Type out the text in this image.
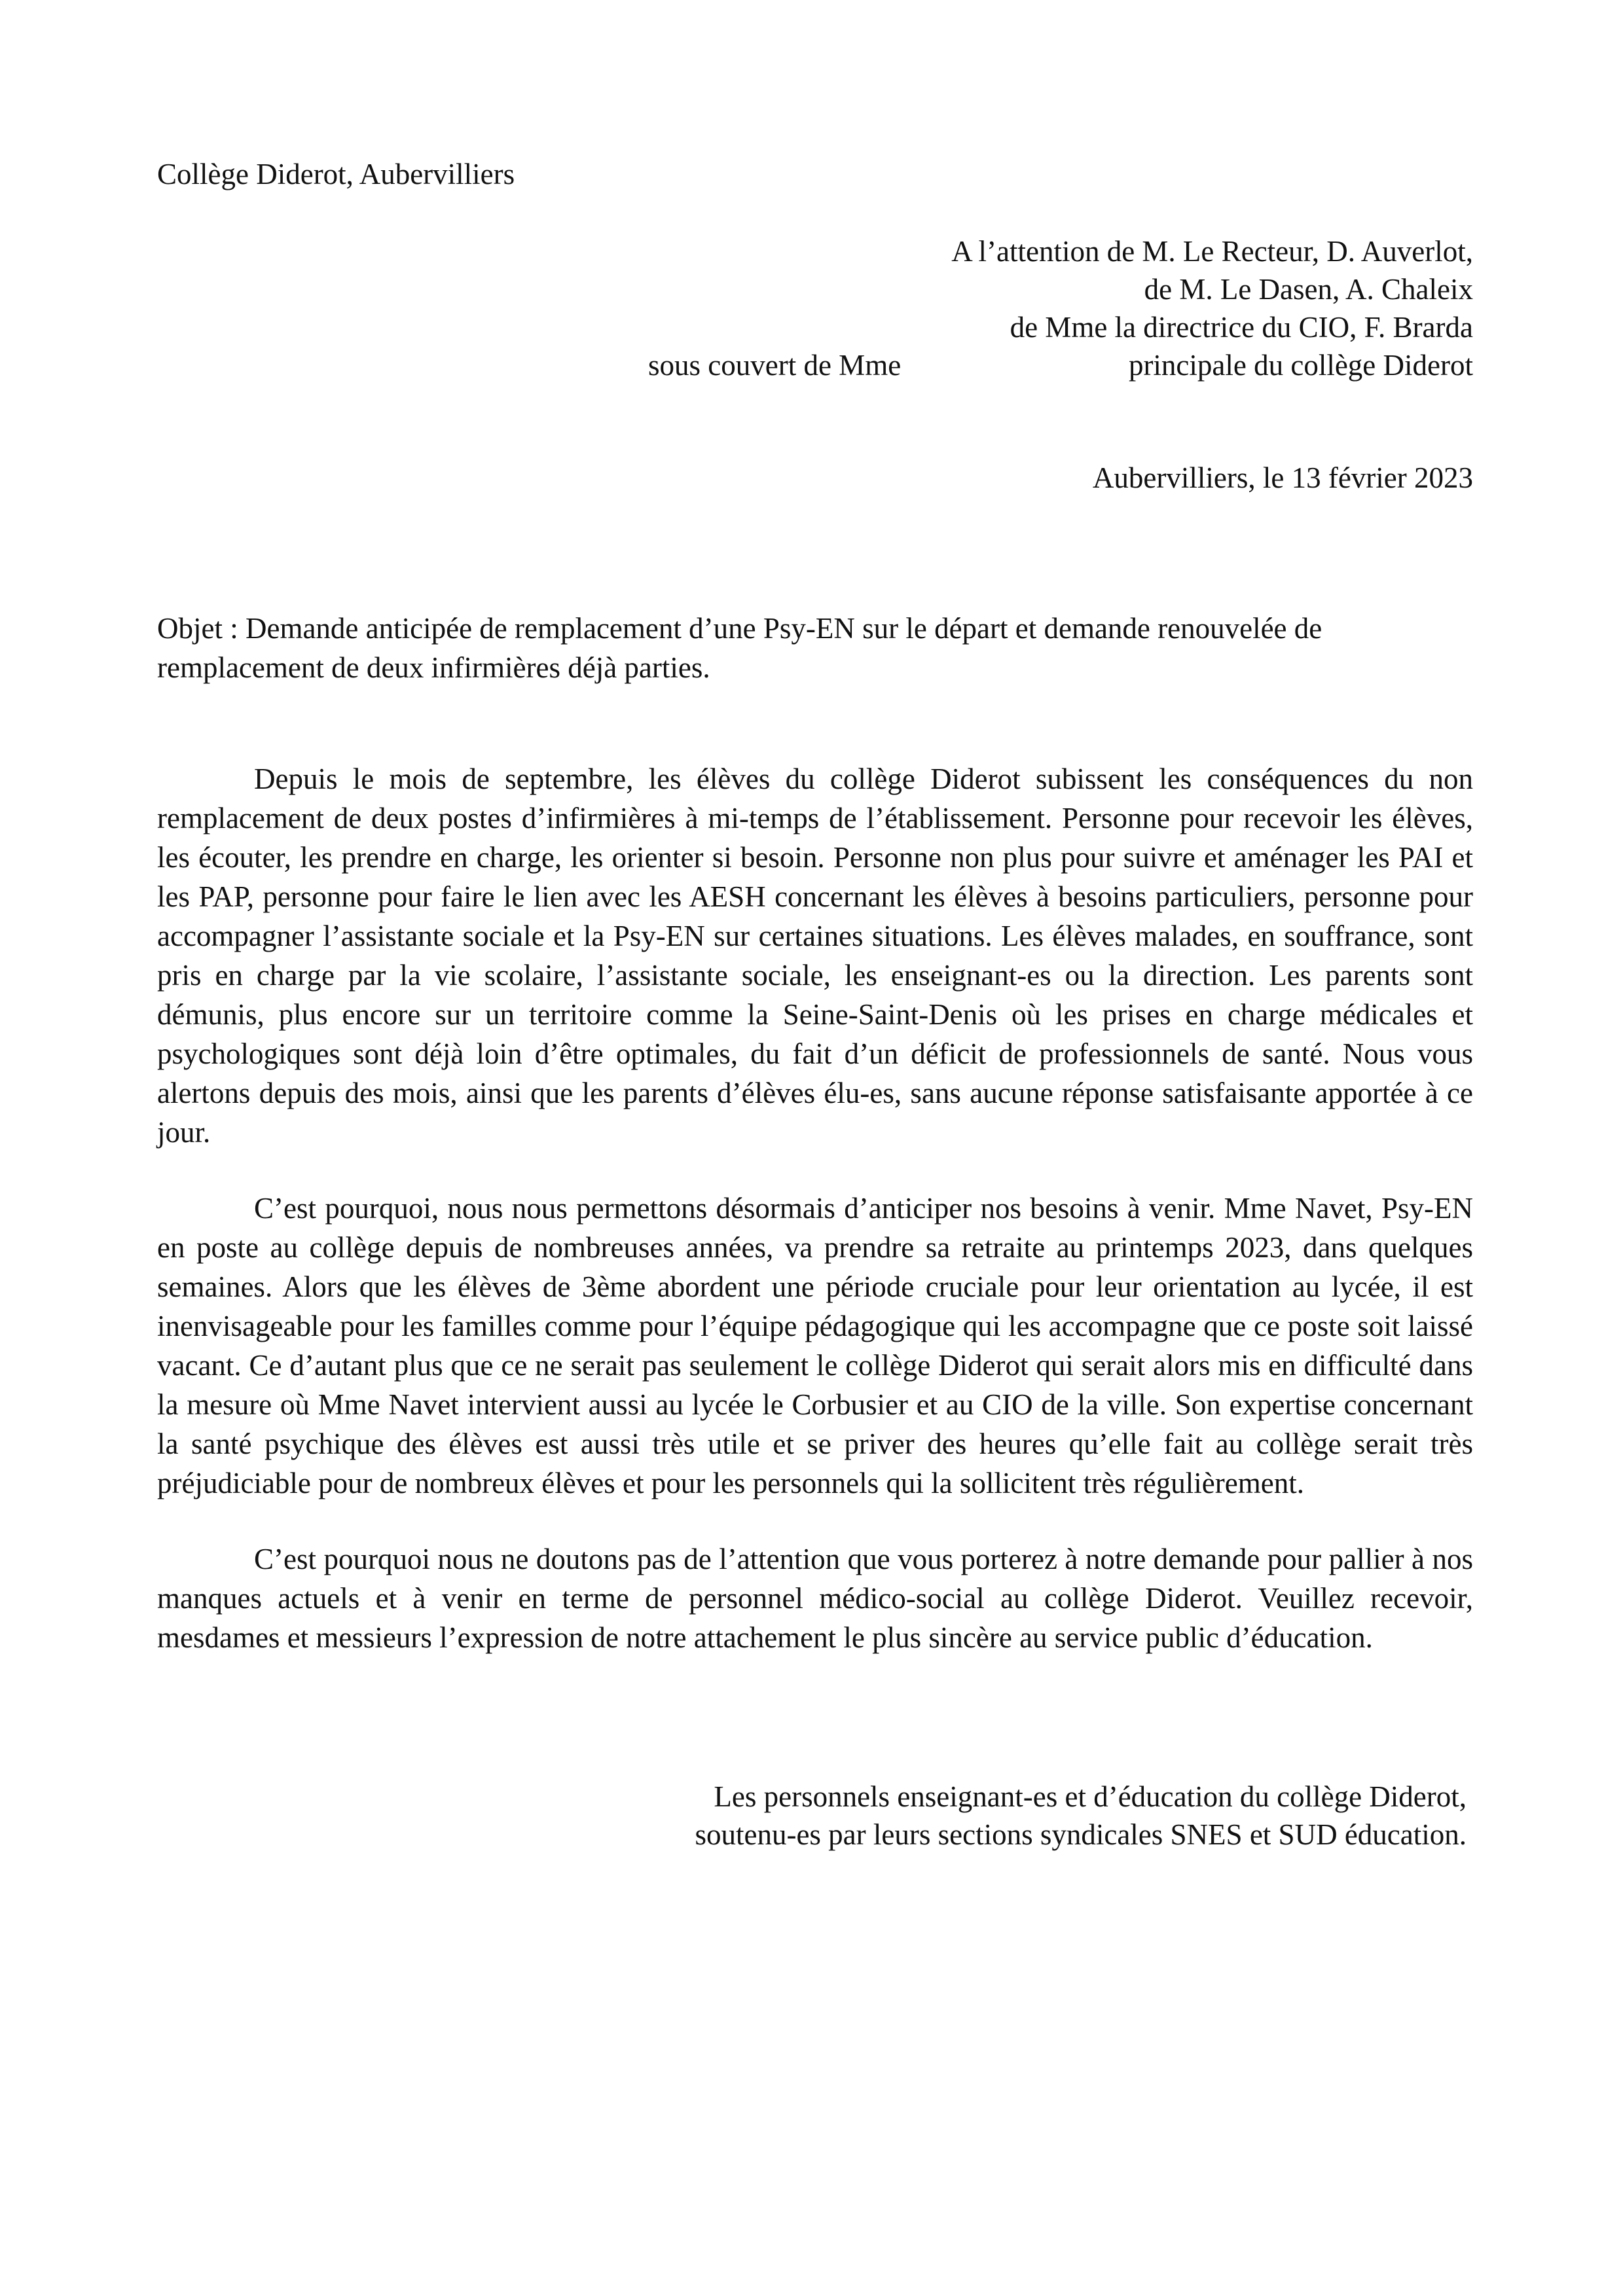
Collège Diderot, Aubervilliers
A l’attention de M. Le Recteur, D. Auverlot,
de M. Le Dasen, A. Chaleix
de Mme la directrice du CIO, F. Brarda
sous couvert de Mme	principale du collège Diderot
Aubervilliers, le 13 février 2023
Objet : Demande anticipée de remplacement d’une Psy-EN sur le départ et demande renouvelée de remplacement de deux infirmières déjà parties.

Depuis le mois de septembre, les élèves du collège Diderot subissent les conséquences du non remplacement de deux postes d’infirmières à mi-temps de l’établissement. Personne pour recevoir les élèves, les écouter, les prendre en charge, les orienter si besoin. Personne non plus pour suivre et aménager les PAI et les PAP, personne pour faire le lien avec les AESH concernant les élèves à besoins particuliers, personne pour accompagner l’assistante sociale et la Psy-EN sur certaines situations. Les élèves malades, en souffrance, sont pris en charge par la vie scolaire, l’assistante sociale, les enseignant-es ou la direction. Les parents sont démunis, plus encore sur un territoire comme la Seine-Saint-Denis où les prises en charge médicales et psychologiques sont déjà loin d’être optimales, du fait d’un déficit de professionnels de santé. Nous vous alertons depuis des mois, ainsi que les parents d’élèves élu-es, sans aucune réponse satisfaisante apportée à ce jour.

C’est pourquoi, nous nous permettons désormais d’anticiper nos besoins à venir. Mme Navet, Psy-EN en poste au collège depuis de nombreuses années, va prendre sa retraite au printemps 2023, dans quelques semaines. Alors que les élèves de 3ème abordent une période cruciale pour leur orientation au lycée, il est inenvisageable pour les familles comme pour l’équipe pédagogique qui les accompagne que ce poste soit laissé vacant. Ce d’autant plus que ce ne serait pas seulement le collège Diderot qui serait alors mis en difficulté dans la mesure où Mme Navet intervient aussi au lycée le Corbusier et au CIO de la ville. Son expertise concernant la santé psychique des élèves est aussi très utile et se priver des heures qu’elle fait au collège serait très préjudiciable pour de nombreux élèves et pour les personnels qui la sollicitent très régulièrement.

C’est pourquoi nous ne doutons pas de l’attention que vous porterez à notre demande pour pallier à nos manques actuels et à venir en terme de personnel médico-social au collège Diderot. Veuillez recevoir, mesdames et messieurs l’expression de notre attachement le plus sincère au service public d’éducation.

Les personnels enseignant-es et d’éducation du collège Diderot,
soutenu-es par leurs sections syndicales SNES et SUD éducation.
